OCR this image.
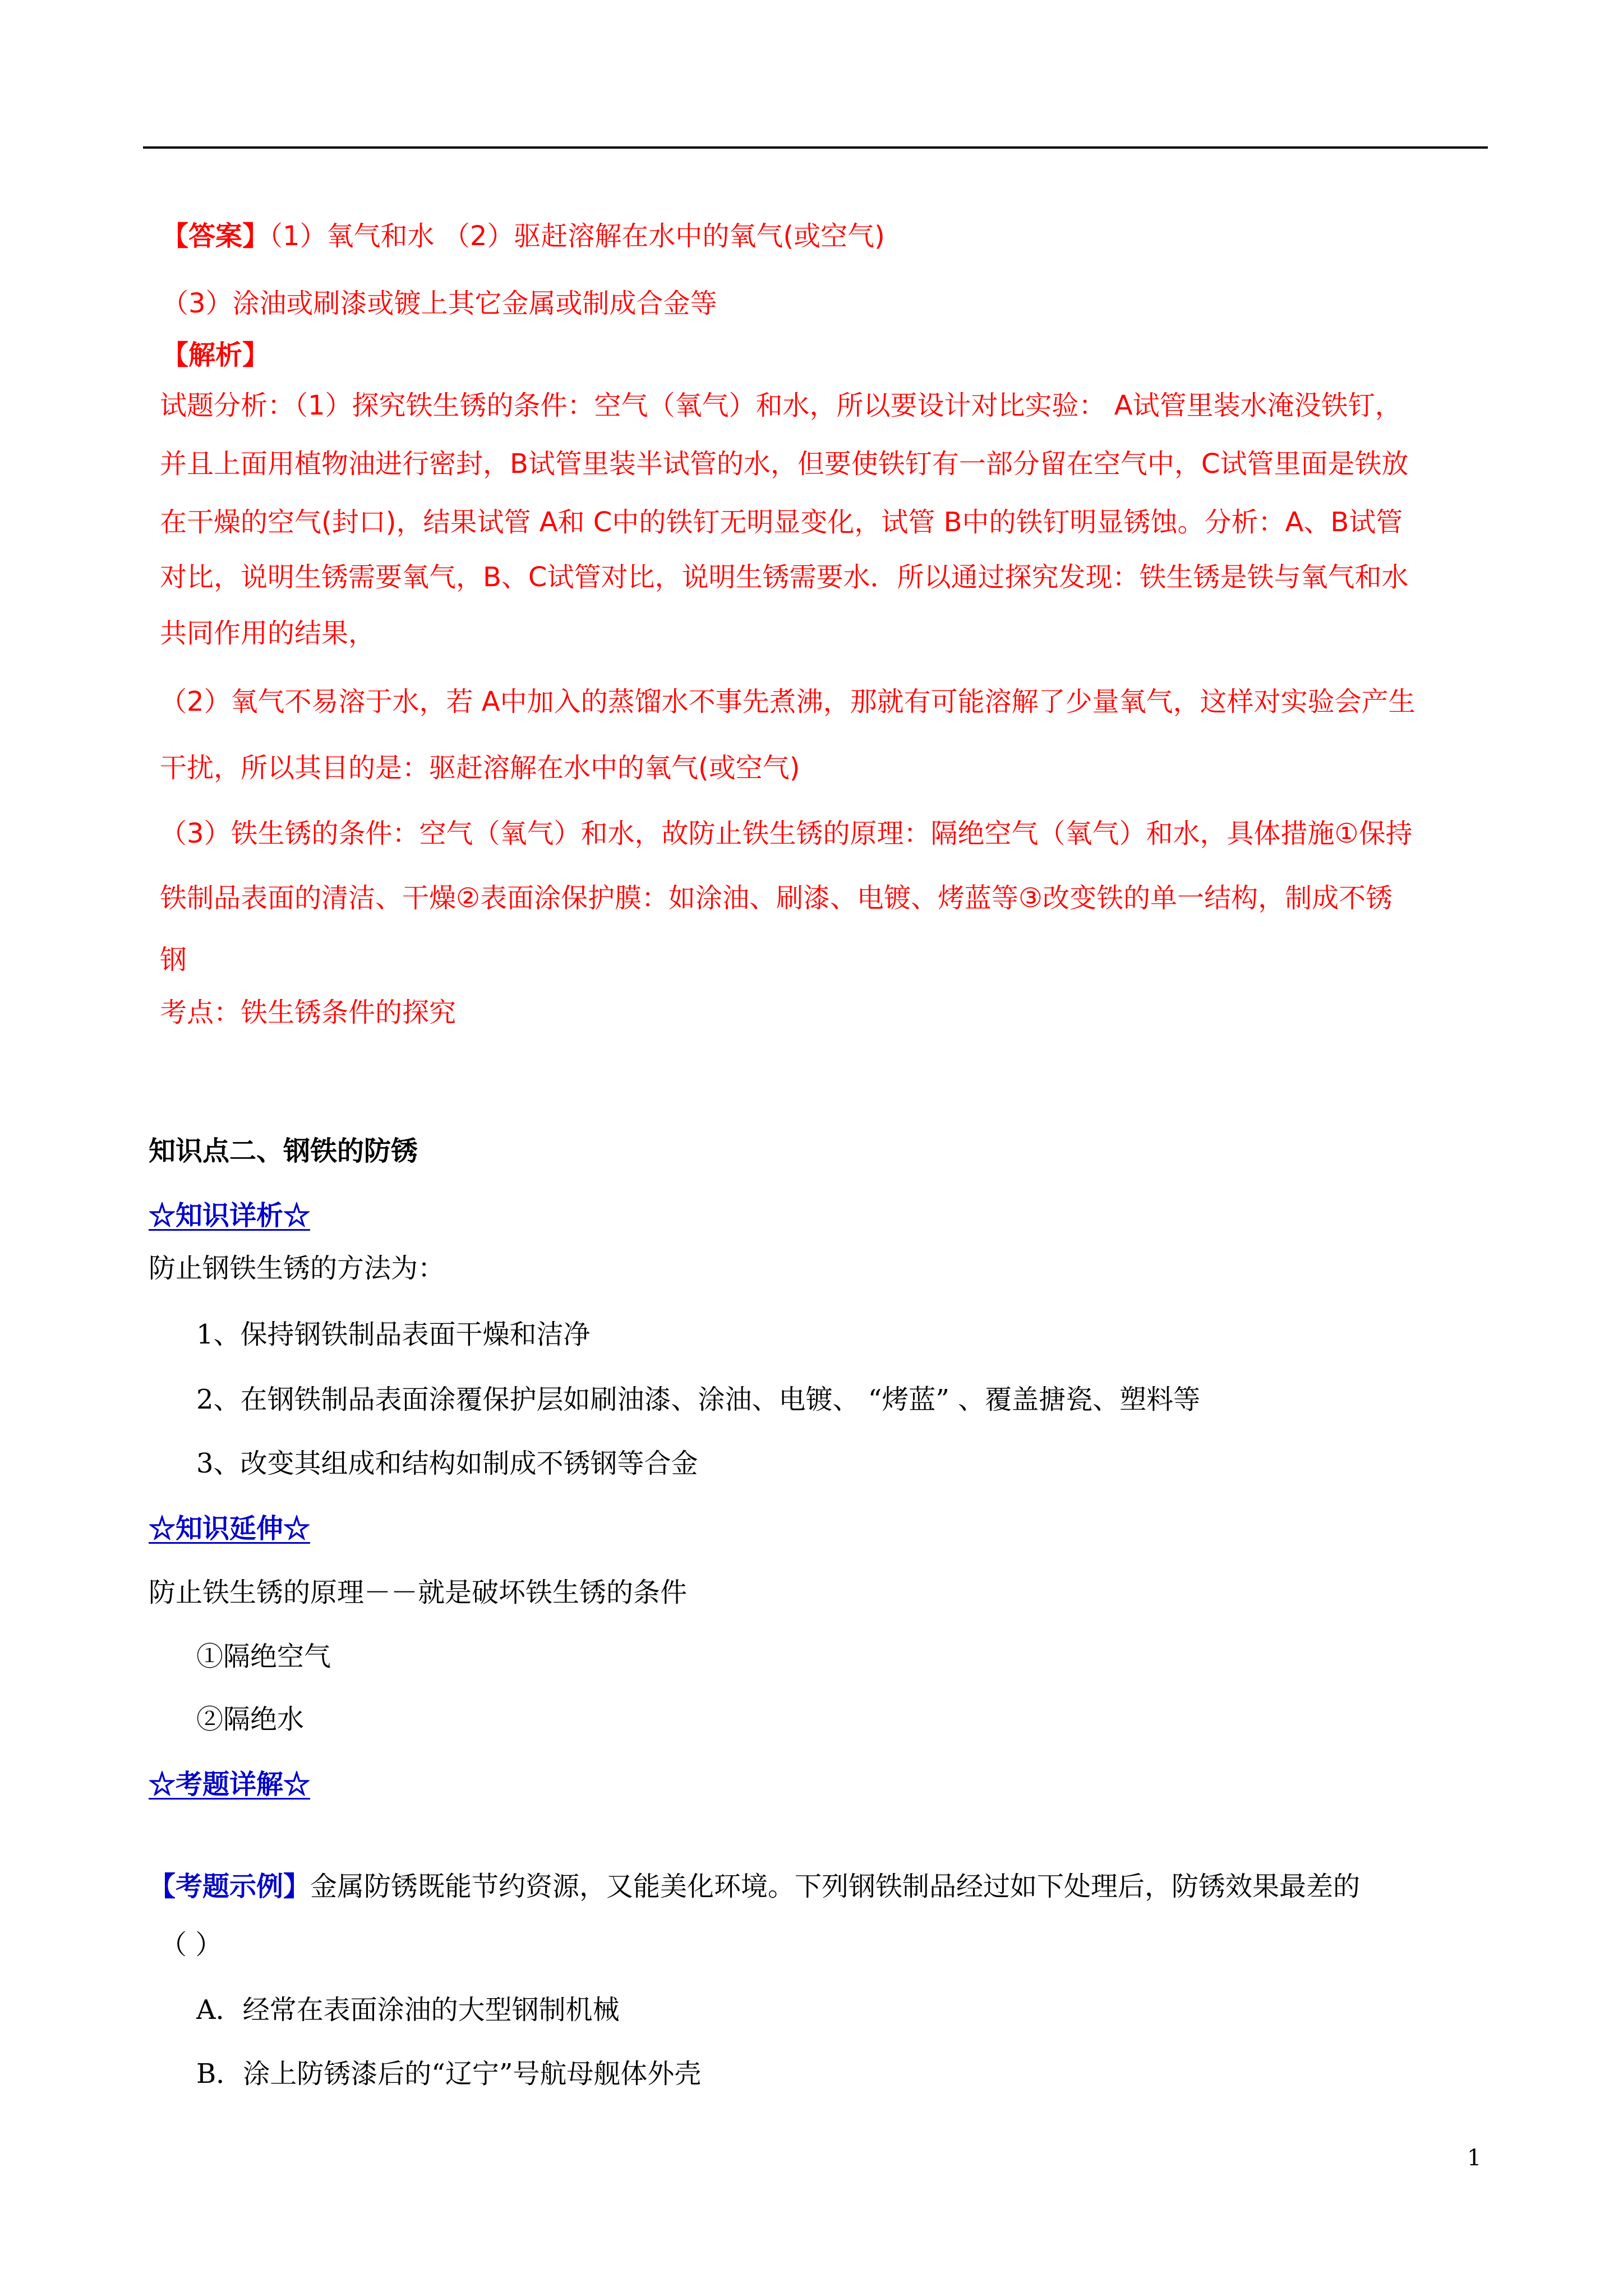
【答案】（1）氧气和水 （2）驱赶溶解在水中的氧气(或空气)
（3）涂油或刷漆或镀上其它金属或制成合金等
【解析】
试题分析：（1）探究铁生锈的条件：空气（氧气）和水，所以要设计对比实验： A试管里装水淹没铁钉，
并且上面用植物油进行密封，B试管里装半试管的水，但要使铁钉有一部分留在空气中，C试管里面是铁放
在干燥的空气(封口)，结果试管 A和 C中的铁钉无明显变化，试管 B中的铁钉明显锈蚀。分析：A、B试管
对比，说明生锈需要氧气，B、C试管对比，说明生锈需要水．所以通过探究发现：铁生锈是铁与氧气和水
共同作用的结果，
（2）氧气不易溶于水，若 A中加入的蒸馏水不事先煮沸，那就有可能溶解了少量氧气，这样对实验会产生
干扰，所以其目的是：驱赶溶解在水中的氧气(或空气)
（3）铁生锈的条件：空气（氧气）和水，故防止铁生锈的原理：隔绝空气（氧气）和水，具体措施①保持
铁制品表面的清洁、干燥②表面涂保护膜：如涂油、刷漆、电镀、烤蓝等③改变铁的单一结构，制成不锈
钢
考点：铁生锈条件的探究
知识点二、钢铁的防锈
☆知识详析☆
防止钢铁生锈的方法为：
1、保持钢铁制品表面干燥和洁净
2、在钢铁制品表面涂覆保护层如刷油漆、涂油、电镀、 “烤蓝” 、覆盖搪瓷、塑料等
3、改变其组成和结构如制成不锈钢等合金
☆知识延伸☆
防止铁生锈的原理－－就是破坏铁生锈的条件
①隔绝空气
②隔绝水
☆考题详解☆
【考题示例】金属防锈既能节约资源，又能美化环境。下列钢铁制品经过如下处理后，防锈效果最差的
（ ）
A．经常在表面涂油的大型钢制机械
B．涂上防锈漆后的“辽宁”号航母舰体外壳
1
